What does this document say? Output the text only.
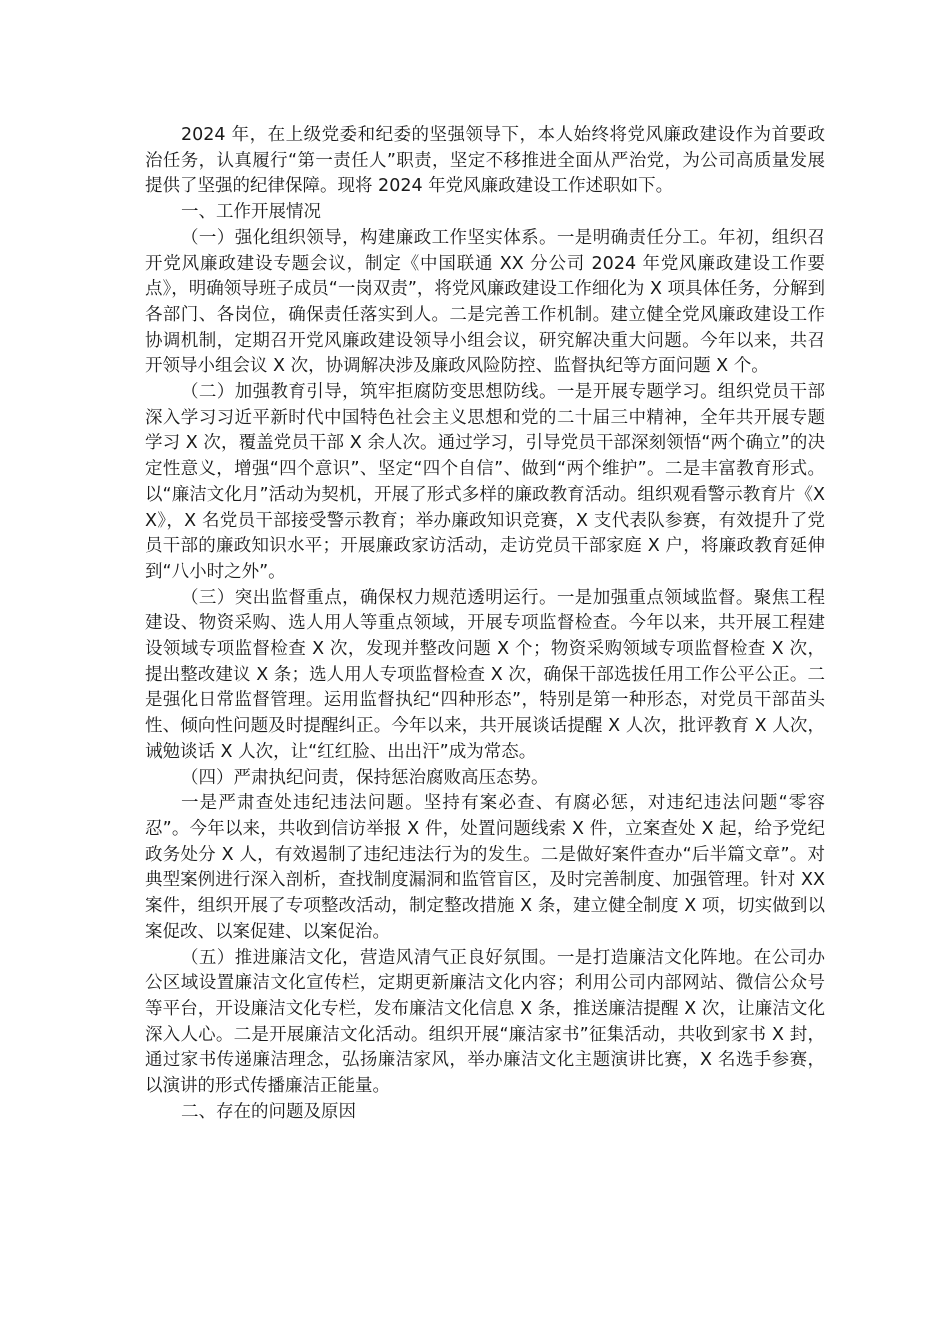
2024 年，在上级党委和纪委的坚强领导下，本人始终将党风廉政建设作为首要政治任务，认真履行“第一责任人”职责，坚定不移推进全面从严治党，为公司高质量发展提供了坚强的纪律保障。现将 2024 年党风廉政建设工作述职如下。

一、工作开展情况

（一）强化组织领导，构建廉政工作坚实体系。一是明确责任分工。年初，组织召开党风廉政建设专题会议，制定《中国联通 XX 分公司 2024 年党风廉政建设工作要点》，明确领导班子成员“一岗双责”，将党风廉政建设工作细化为 X 项具体任务，分解到各部门、各岗位，确保责任落实到人。二是完善工作机制。建立健全党风廉政建设工作协调机制，定期召开党风廉政建设领导小组会议，研究解决重大问题。今年以来，共召开领导小组会议 X 次，协调解决涉及廉政风险防控、监督执纪等方面问题 X 个。

（二）加强教育引导，筑牢拒腐防变思想防线。一是开展专题学习。组织党员干部深入学习习近平新时代中国特色社会主义思想和党的二十届三中精神，全年共开展专题学习 X 次，覆盖党员干部 X 余人次。通过学习，引导党员干部深刻领悟“两个确立”的决定性意义，增强“四个意识”、坚定“四个自信”、做到“两个维护”。二是丰富教育形式。以“廉洁文化月”活动为契机，开展了形式多样的廉政教育活动。组织观看警示教育片《XX》，X 名党员干部接受警示教育；举办廉政知识竞赛，X 支代表队参赛，有效提升了党员干部的廉政知识水平；开展廉政家访活动，走访党员干部家庭 X 户，将廉政教育延伸到“八小时之外”。

（三）突出监督重点，确保权力规范透明运行。一是加强重点领域监督。聚焦工程建设、物资采购、选人用人等重点领域，开展专项监督检查。今年以来，共开展工程建设领域专项监督检查 X 次，发现并整改问题 X 个；物资采购领域专项监督检查 X 次，提出整改建议 X 条；选人用人专项监督检查 X 次，确保干部选拔任用工作公平公正。二是强化日常监督管理。运用监督执纪“四种形态”，特别是第一种形态，对党员干部苗头性、倾向性问题及时提醒纠正。今年以来，共开展谈话提醒 X 人次，批评教育 X 人次，诫勉谈话 X 人次，让“红红脸、出出汗”成为常态。

（四）严肃执纪问责，保持惩治腐败高压态势。

一是严肃查处违纪违法问题。坚持有案必查、有腐必惩，对违纪违法问题“零容忍”。今年以来，共收到信访举报 X 件，处置问题线索 X 件，立案查处 X 起，给予党纪政务处分 X 人，有效遏制了违纪违法行为的发生。二是做好案件查办“后半篇文章”。对典型案例进行深入剖析，查找制度漏洞和监管盲区，及时完善制度、加强管理。针对 XX 案件，组织开展了专项整改活动，制定整改措施 X 条，建立健全制度 X 项，切实做到以案促改、以案促建、以案促治。

（五）推进廉洁文化，营造风清气正良好氛围。一是打造廉洁文化阵地。在公司办公区域设置廉洁文化宣传栏，定期更新廉洁文化内容；利用公司内部网站、微信公众号等平台，开设廉洁文化专栏，发布廉洁文化信息 X 条，推送廉洁提醒 X 次，让廉洁文化深入人心。二是开展廉洁文化活动。组织开展“廉洁家书”征集活动，共收到家书 X 封，通过家书传递廉洁理念，弘扬廉洁家风，举办廉洁文化主题演讲比赛，X 名选手参赛，以演讲的形式传播廉洁正能量。

二、存在的问题及原因
